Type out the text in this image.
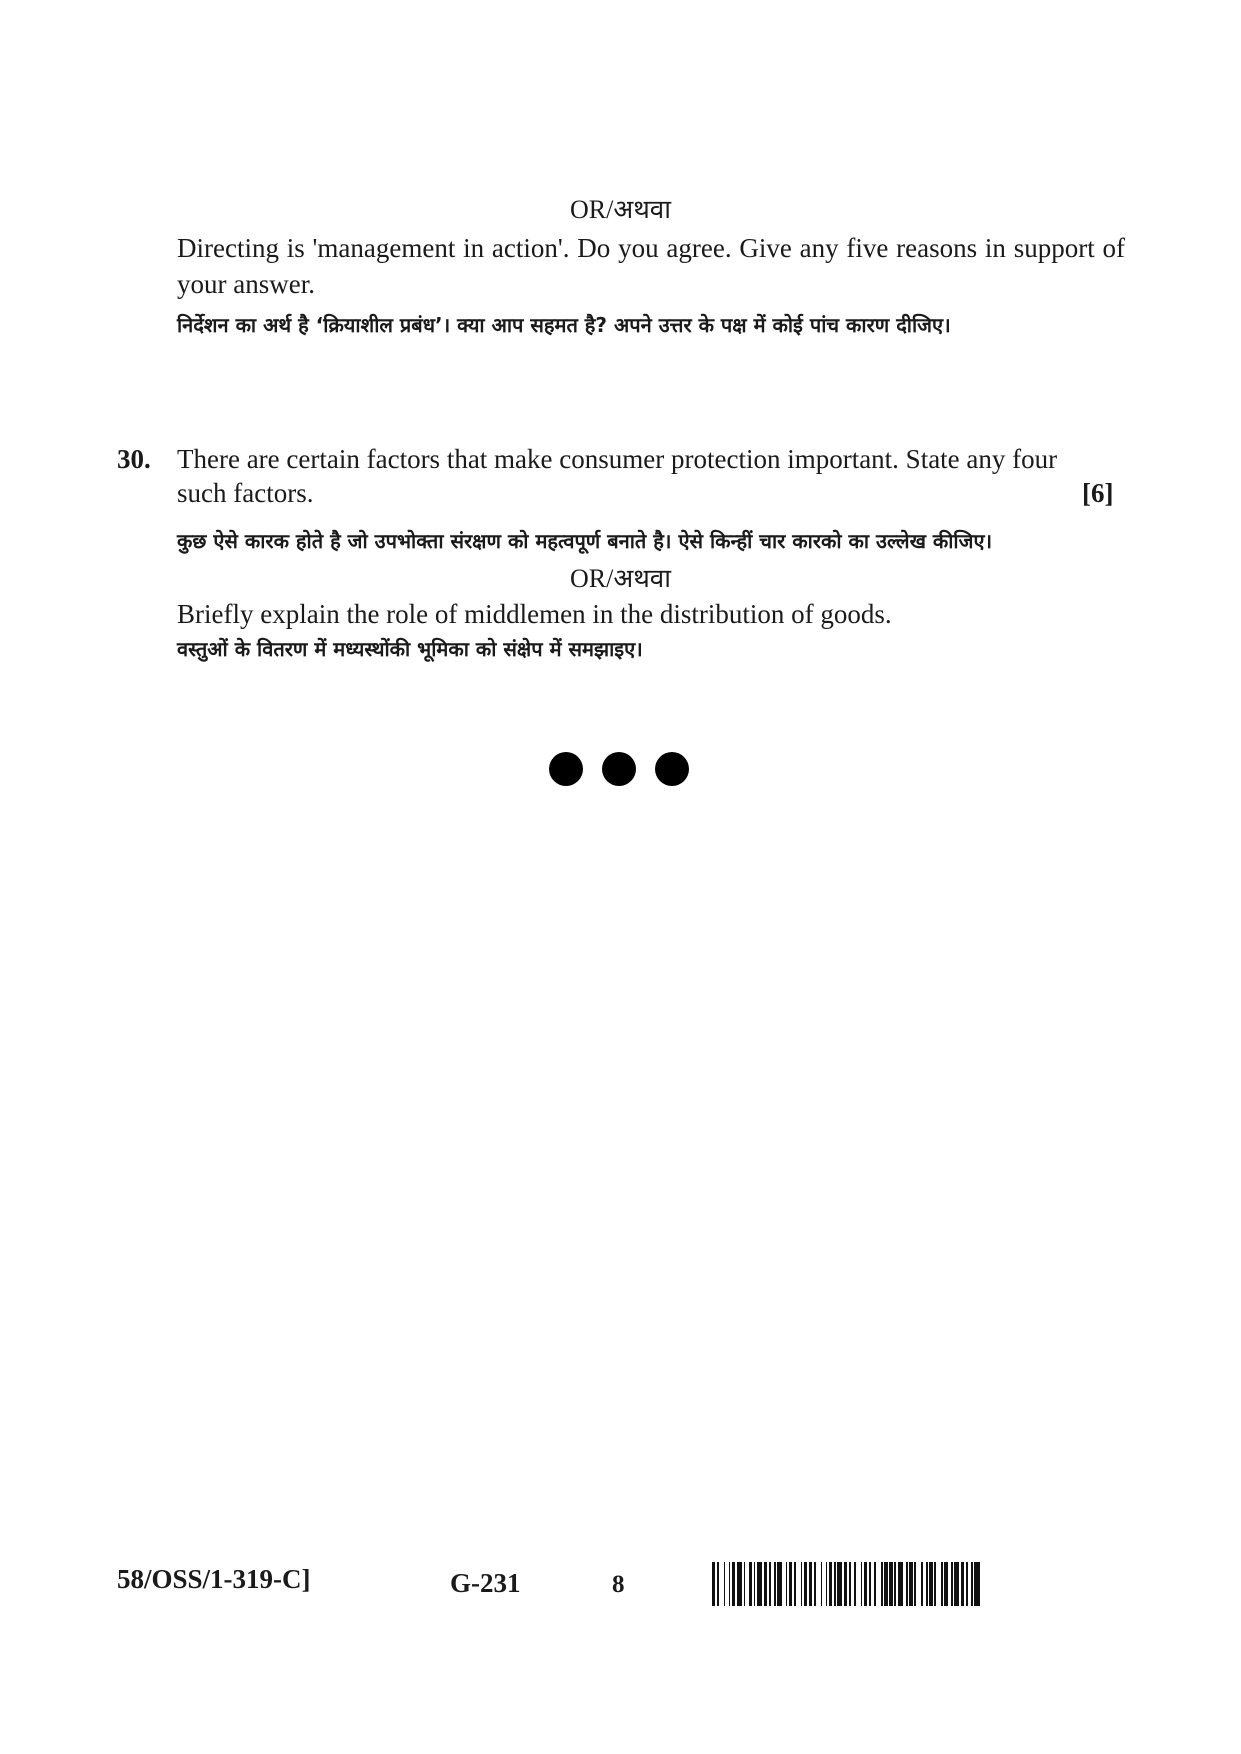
OR/अथवा
Directing is 'management in action'. Do you agree. Give any five reasons in support of your answer.
निर्देशन का अर्थ है ‘क्रियाशील प्रबंध’। क्या आप सहमत है? अपने उत्तर के पक्ष में कोई पांच कारण दीजिए।
30. There are certain factors that make consumer protection important. State any four
such factors.	[6]
कुछ ऐसे कारक होते है जो उपभोक्ता संरक्षण को महत्वपूर्ण बनाते है। ऐसे किन्हीं चार कारको का उल्लेख कीजिए।
OR/अथवा
Briefly explain the role of middlemen in the distribution of goods.
वस्तुओं के वितरण में मध्यस्थोंकी भूमिका को संक्षेप में समझाइए।
58/OSS/1-319-C]	G-231	8
